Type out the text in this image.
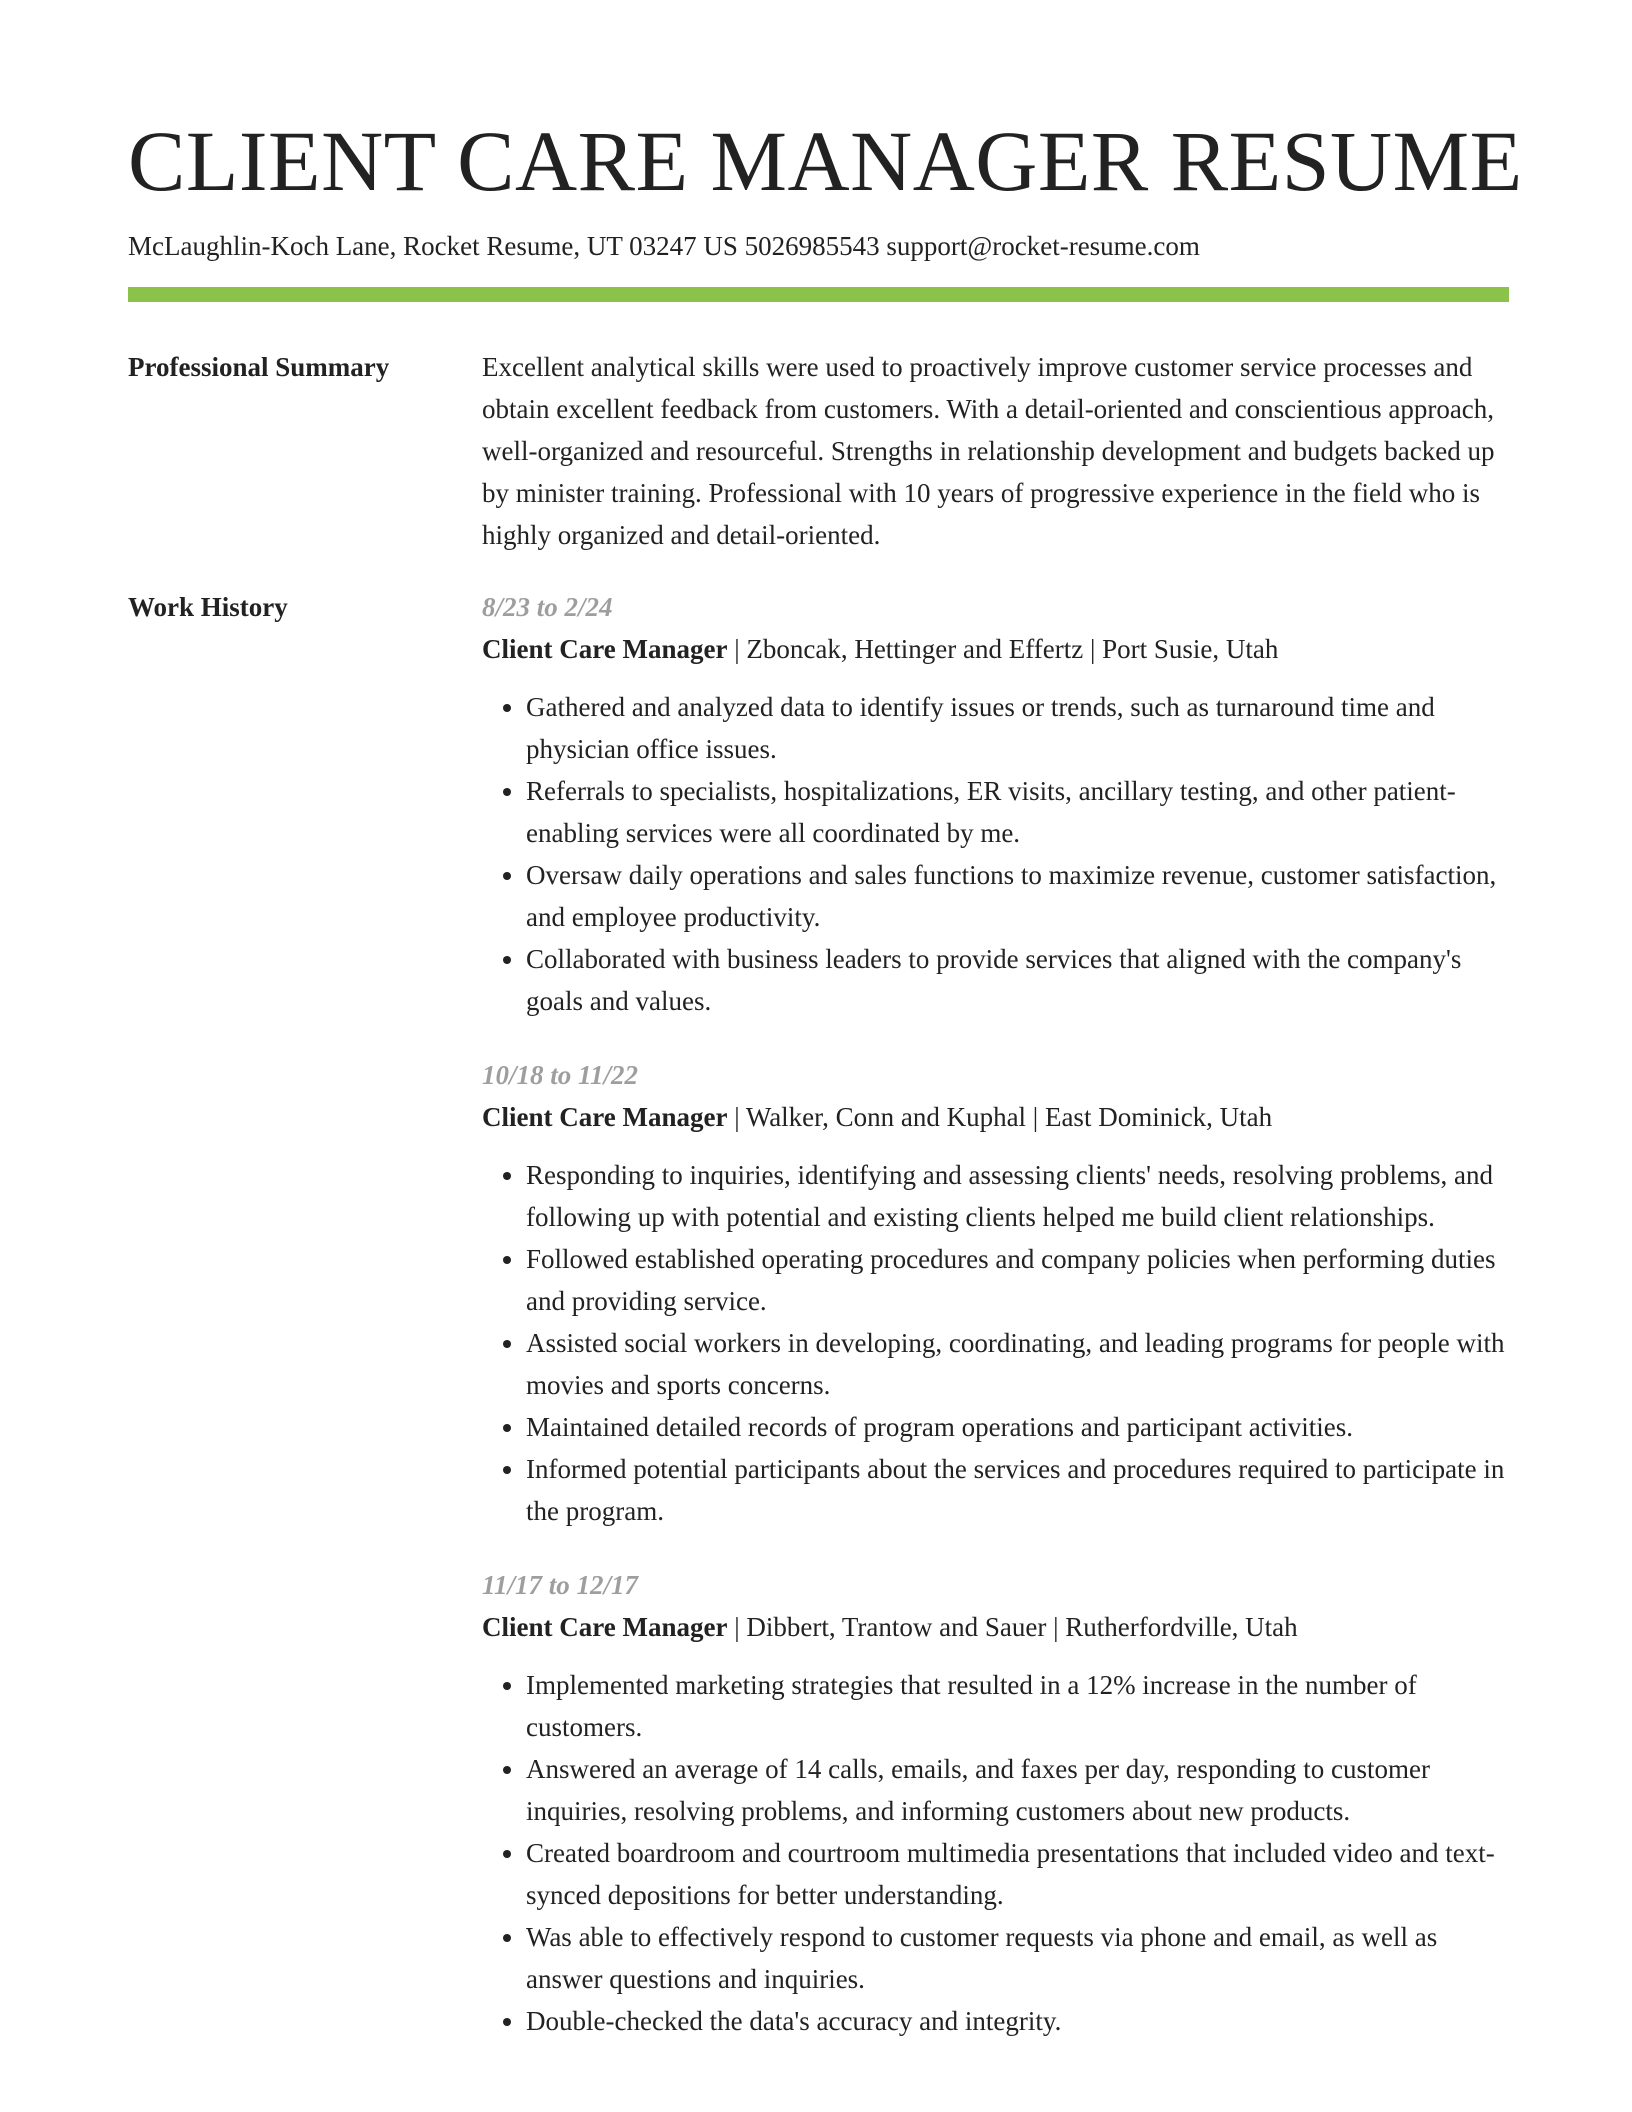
CLIENT CARE MANAGER RESUME
McLaughlin-Koch Lane, Rocket Resume, UT 03247 US 5026985543 support@rocket-resume.com
Professional Summary	Excellent analytical skills were used to proactively improve customer service processes and obtain excellent feedback from customers. With a detail-oriented and conscientious approach, well-organized and resourceful. Strengths in relationship development and budgets backed up by minister training. Professional with 10 years of progressive experience in the field who is highly organized and detail-oriented.

Work History	8/23 to 2/24
Client Care Manager | Zboncak, Hettinger and Effertz | Port Susie, Utah
• Gathered and analyzed data to identify issues or trends, such as turnaround time and physician office issues.
• Referrals to specialists, hospitalizations, ER visits, ancillary testing, and other patient-enabling services were all coordinated by me.
• Oversaw daily operations and sales functions to maximize revenue, customer satisfaction, and employee productivity.
• Collaborated with business leaders to provide services that aligned with the company's goals and values.
10/18 to 11/22
Client Care Manager | Walker, Conn and Kuphal | East Dominick, Utah
• Responding to inquiries, identifying and assessing clients' needs, resolving problems, and following up with potential and existing clients helped me build client relationships.
• Followed established operating procedures and company policies when performing duties and providing service.
• Assisted social workers in developing, coordinating, and leading programs for people with movies and sports concerns.
• Maintained detailed records of program operations and participant activities.
• Informed potential participants about the services and procedures required to participate in the program.
11/17 to 12/17
Client Care Manager | Dibbert, Trantow and Sauer | Rutherfordville, Utah
• Implemented marketing strategies that resulted in a 12% increase in the number of customers.
• Answered an average of 14 calls, emails, and faxes per day, responding to customer inquiries, resolving problems, and informing customers about new products.
• Created boardroom and courtroom multimedia presentations that included video and text-synced depositions for better understanding.
• Was able to effectively respond to customer requests via phone and email, as well as answer questions and inquiries.
• Double-checked the data's accuracy and integrity.
